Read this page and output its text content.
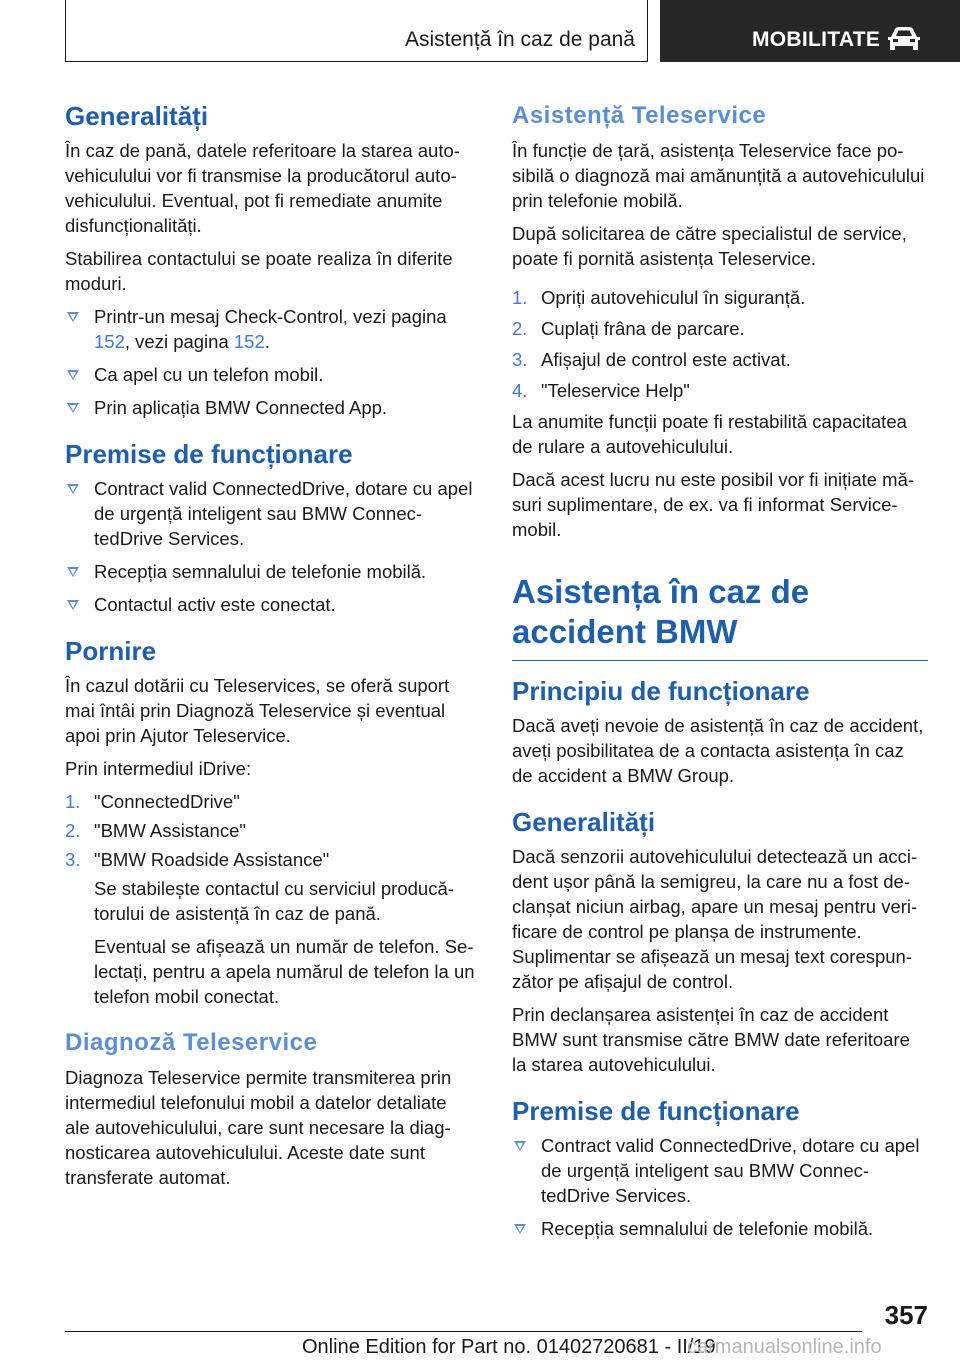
Asistență în caz de pană	MOBILITATE
Generalități

În caz de pană, datele referitoare la starea autovehiculului vor fi transmise la producătorul autovehiculului. Eventual, pot fi remediate anumite disfuncționalități.

Stabilirea contactului se poate realiza în diferite moduri.

Printr-un mesaj Check-Control, vezi pagina 152, vezi pagina 152.
Ca apel cu un telefon mobil.
Prin aplicația BMW Connected App.
Premise de funcționare
Contract valid ConnectedDrive, dotare cu apel de urgență inteligent sau BMW ConnectedDrive Services.
Recepția semnalului de telefonie mobilă.
Contactul activ este conectat.
Pornire

În cazul dotării cu Teleservices, se oferă suport mai întâi prin Diagnoză Teleservice și eventual apoi prin Ajutor Teleservice.

Prin intermediul iDrive:

1. "ConnectedDrive"
2. "BMW Assistance"
3. "BMW Roadside Assistance"

Se stabilește contactul cu serviciul producătorului de asistență în caz de pană.

Eventual se afișează un număr de telefon. Selectați, pentru a apela numărul de telefon la un telefon mobil conectat.

Diagnoză Teleservice

Diagnoza Teleservice permite transmiterea prin intermediul telefonului mobil a datelor detaliate ale autovehiculului, care sunt necesare la diagnosticarea autovehiculului. Aceste date sunt transferate automat.

Asistență Teleservice

În funcție de țară, asistența Teleservice face posibilă o diagnoză mai amănunțită a autovehiculului prin telefonie mobilă.

După solicitarea de către specialistul de service, poate fi pornită asistența Teleservice.

1. Opriți autovehiculul în siguranță.
2. Cuplați frâna de parcare.
3. Afișajul de control este activat.
4. "Teleservice Help"

La anumite funcții poate fi restabilită capacitatea de rulare a autovehiculului.

Dacă acest lucru nu este posibil vor fi inițiate măsuri suplimentare, de ex. va fi informat Service-mobil.

Asistența în caz de accident BMW
Principiu de funcționare

Dacă aveți nevoie de asistență în caz de accident, aveți posibilitatea de a contacta asistența în caz de accident a BMW Group.

Generalități

Dacă senzorii autovehiculului detectează un accident ușor până la semigreu, la care nu a fost declanșat niciun airbag, apare un mesaj pentru verificare de control pe planșa de instrumente. Suplimentar se afișează un mesaj text corespunzător pe afișajul de control.

Prin declanșarea asistenței în caz de accident BMW sunt transmise către BMW date referitoare la starea autovehiculului.

Premise de funcționare
Contract valid ConnectedDrive, dotare cu apel de urgență inteligent sau BMW ConnectedDrive Services.
Recepția semnalului de telefonie mobilă.
357
Online Edition for Part no. 01402720681 - II/19
carmanualsonline.info
